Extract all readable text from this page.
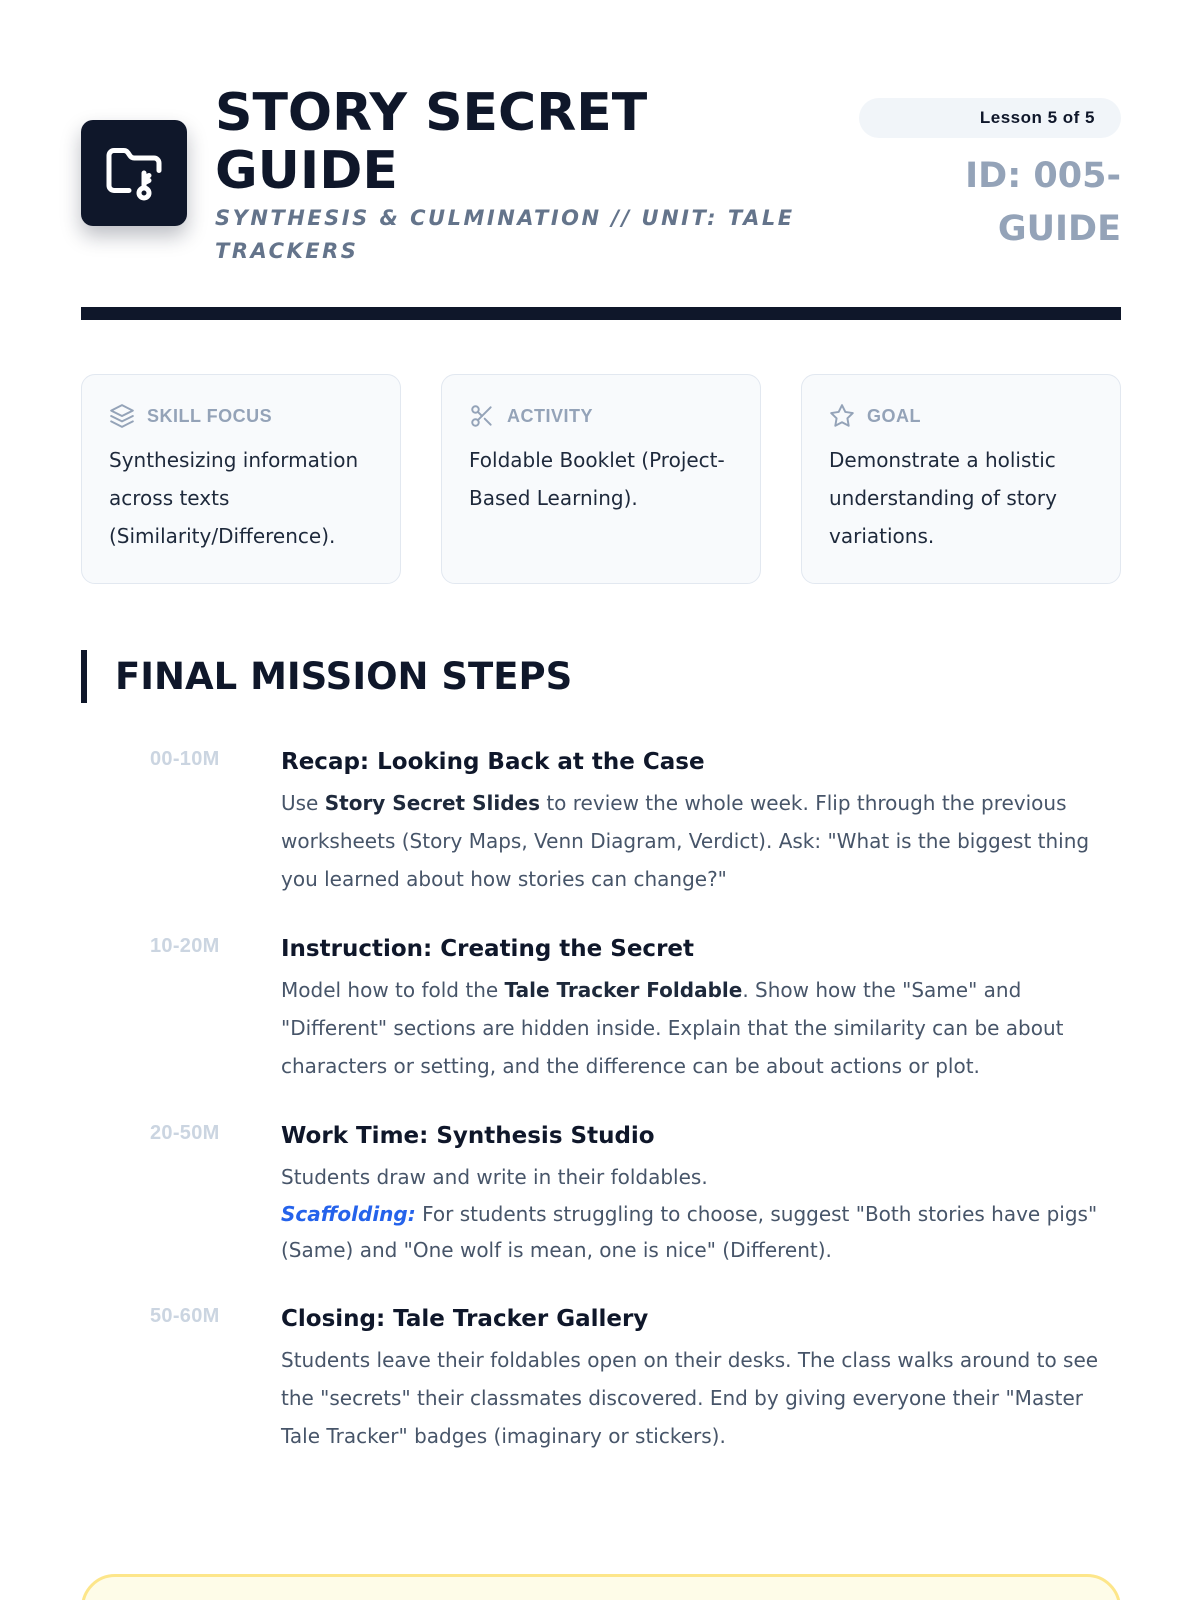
STORY SECRET GUIDE
SYNTHESIS & CULMINATION // UNIT: TALE TRACKERS
Lesson 5 of 5
ID: 005-GUIDE
SKILL FOCUS
Synthesizing information across texts (Similarity/Difference).
ACTIVITY
Foldable Booklet (Project-Based Learning).
GOAL
Demonstrate a holistic understanding of story variations.
FINAL MISSION STEPS
00-10M	Recap: Looking Back at the Case

Use Story Secret Slides to review the whole week. Flip through the previous worksheets (Story Maps, Venn Diagram, Verdict). Ask: "What is the biggest thing you learned about how stories can change?"

10-20M	Instruction: Creating the Secret

Model how to fold the Tale Tracker Foldable. Show how the "Same" and "Different" sections are hidden inside. Explain that the similarity can be about characters or setting, and the difference can be about actions or plot.

20-50M	Work Time: Synthesis Studio

Students draw and write in their foldables.
Scaffolding: For students struggling to choose, suggest "Both stories have pigs" (Same) and "One wolf is mean, one is nice" (Different).

50-60M	Closing: Tale Tracker Gallery

Students leave their foldables open on their desks. The class walks around to see the "secrets" their classmates discovered. End by giving everyone their "Master Tale Tracker" badges (imaginary or stickers).
